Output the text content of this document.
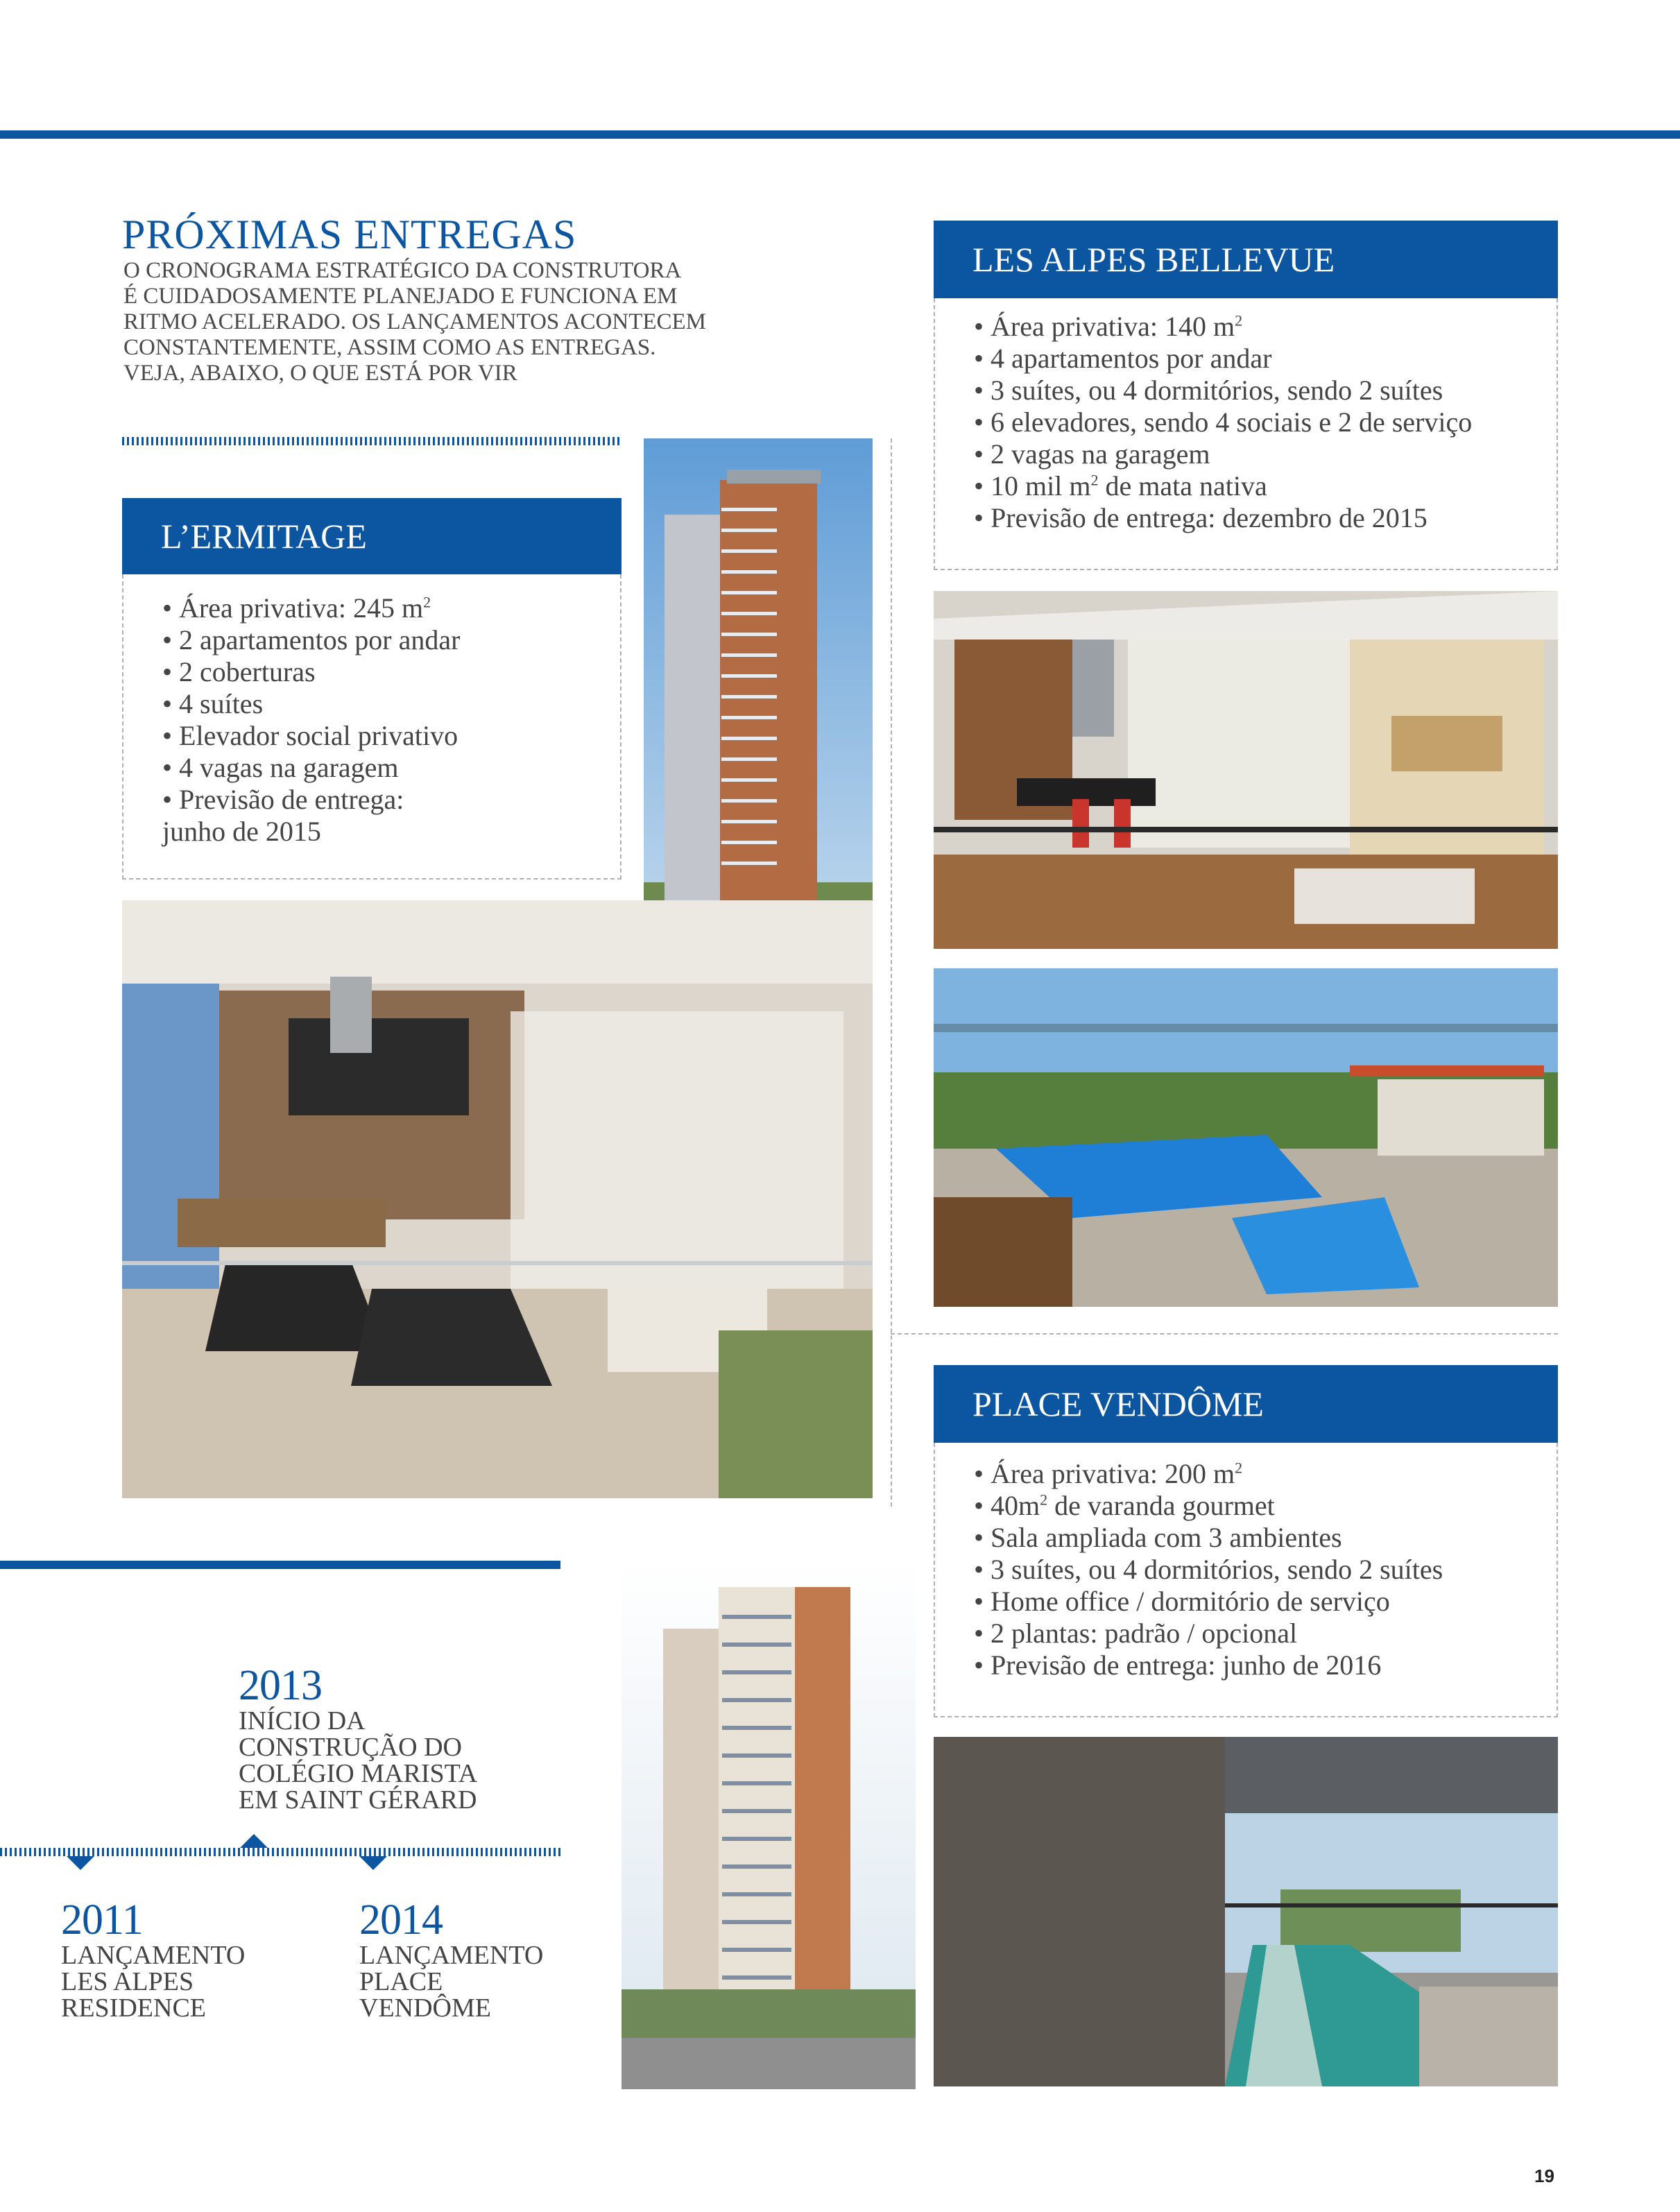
PRÓXIMAS ENTREGAS
O CRONOGRAMA ESTRATÉGICO DA CONSTRUTORA
É CUIDADOSAMENTE PLANEJADO E FUNCIONA EM
RITMO ACELERADO. OS LANÇAMENTOS ACONTECEM
CONSTANTEMENTE, ASSIM COMO AS ENTREGAS.
VEJA, ABAIXO, O QUE ESTÁ POR VIR
L’ERMITAGE
• Área privativa: 245 $m^2$
• 2 apartamentos por andar
• 2 coberturas
• 4 suítes
• Elevador social privativo
• 4 vagas na garagem
• Previsão de entrega:
junho de 2015
LES ALPES BELLEVUE
• Área privativa: 140 $m^2$
• 4 apartamentos por andar
• 3 suítes, ou 4 dormitórios, sendo 2 suítes
• 6 elevadores, sendo 4 sociais e 2 de serviço
• 2 vagas na garagem
• 10 mil $m^2$ de mata nativa
• Previsão de entrega: dezembro de 2015
PLACE VENDÔME
• Área privativa: 200 $m^2$
• $40m^2$ de varanda gourmet
• Sala ampliada com 3 ambientes
• 3 suítes, ou 4 dormitórios, sendo 2 suítes
• Home office / dormitório de serviço
• 2 plantas: padrão / opcional
• Previsão de entrega: junho de 2016
2013

INÍCIO DA
CONSTRUÇÃO DO
COLÉGIO MARISTA
EM SAINT GÉRARD

2011

LANÇAMENTO
LES ALPES
RESIDENCE

2014

LANÇAMENTO
PLACE
VENDÔME

19
